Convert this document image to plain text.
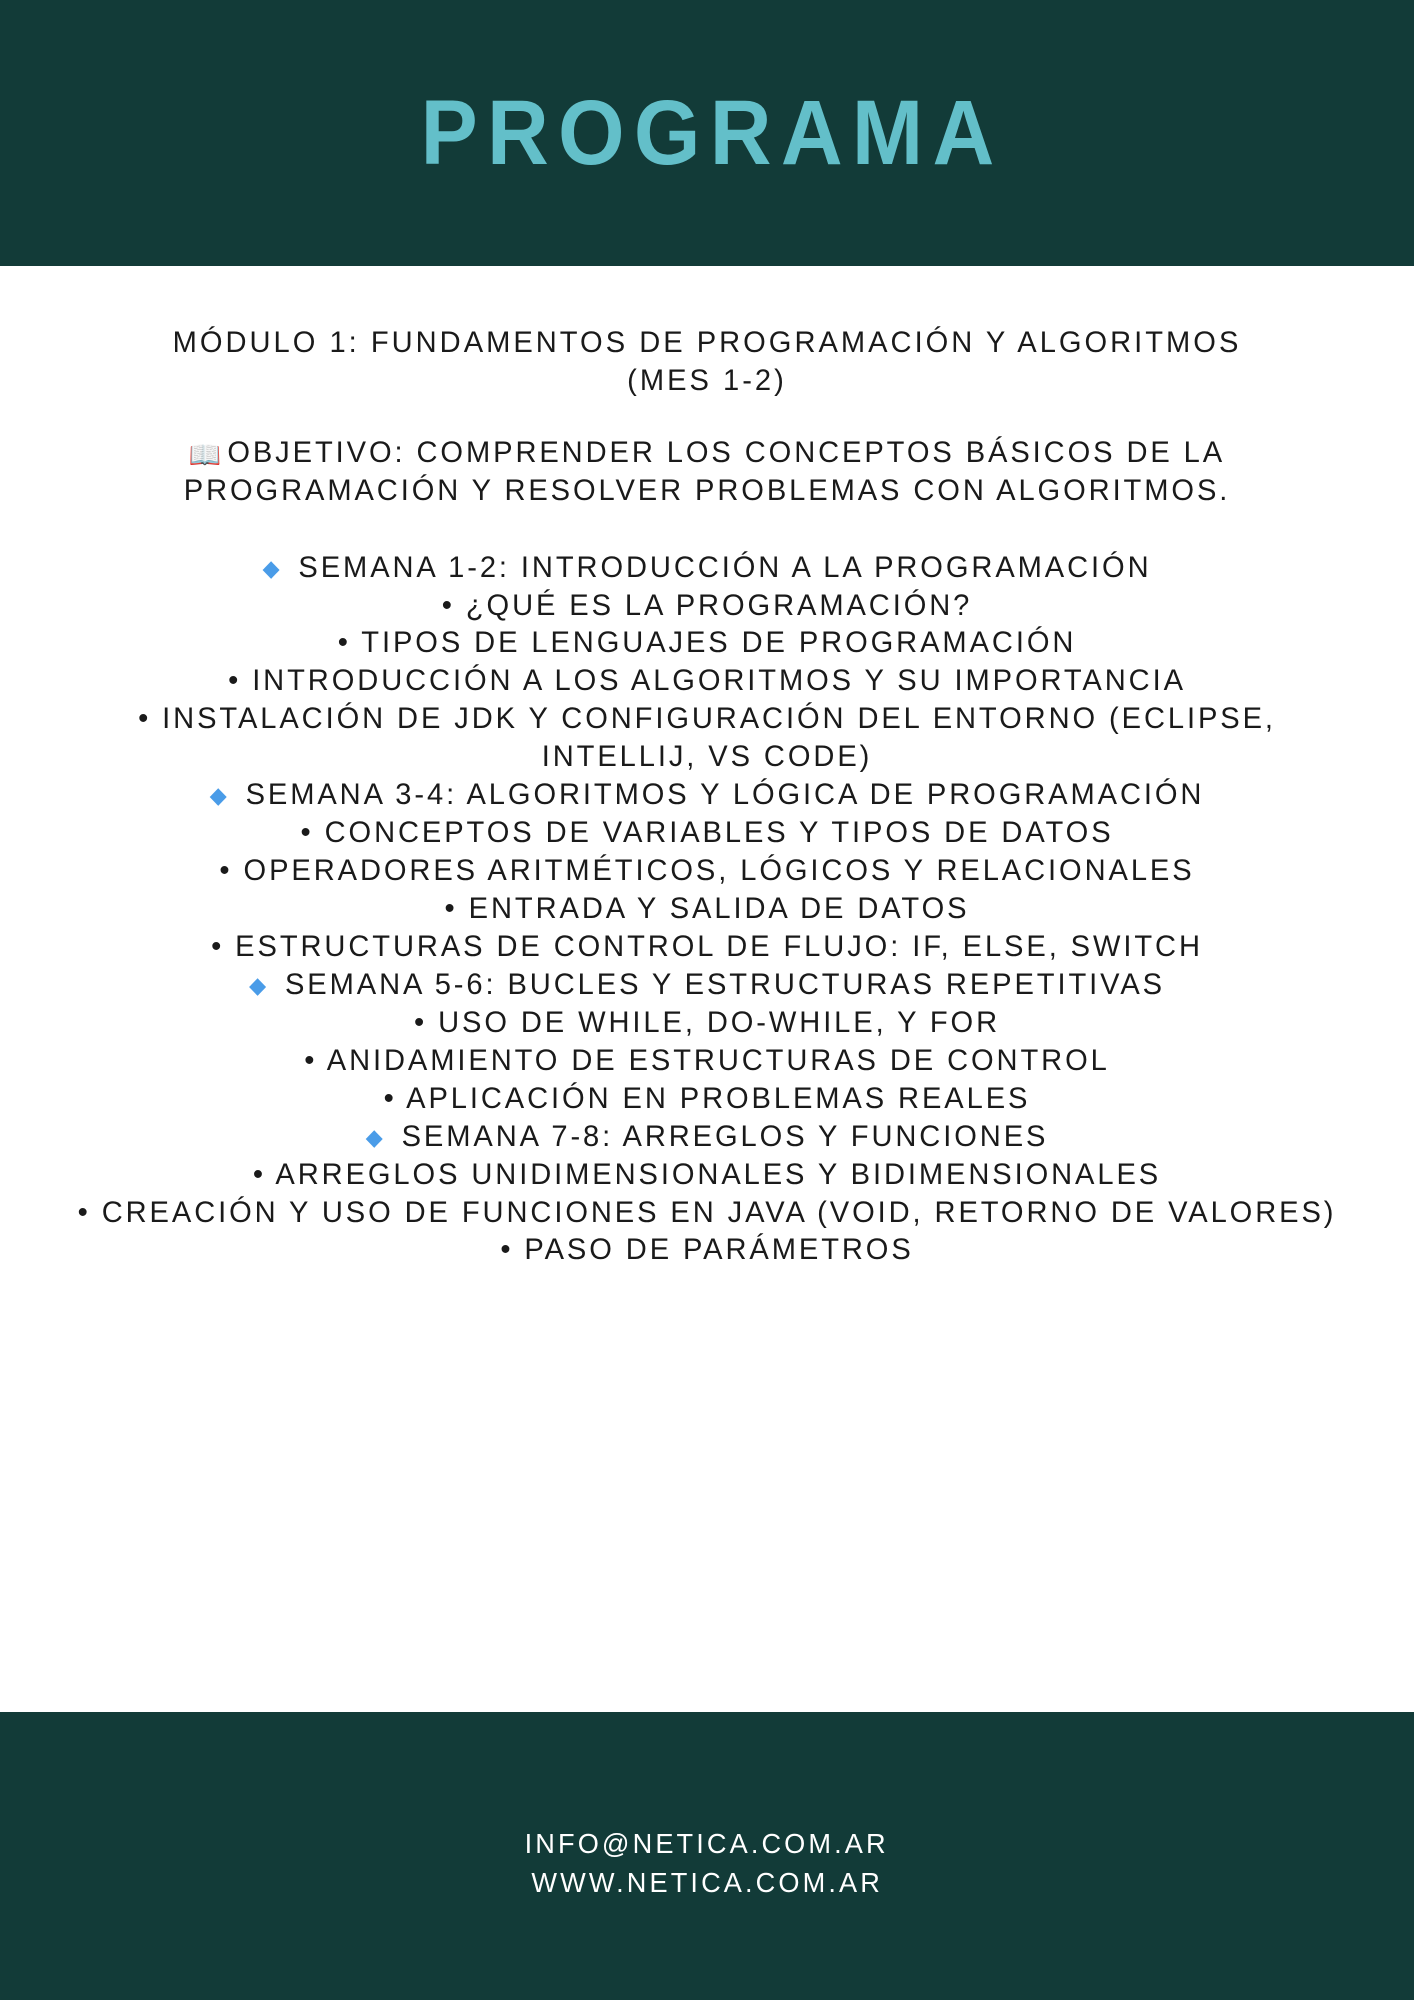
PROGRAMA
MÓDULO 1: FUNDAMENTOS DE PROGRAMACIÓN Y ALGORITMOS
(MES 1-2)
📖 OBJETIVO: COMPRENDER LOS CONCEPTOS BÁSICOS DE LA PROGRAMACIÓN Y RESOLVER PROBLEMAS CON ALGORITMOS.
◆ SEMANA 1-2: INTRODUCCIÓN A LA PROGRAMACIÓN
• ¿QUÉ ES LA PROGRAMACIÓN?
• TIPOS DE LENGUAJES DE PROGRAMACIÓN
• INTRODUCCIÓN A LOS ALGORITMOS Y SU IMPORTANCIA
• INSTALACIÓN DE JDK Y CONFIGURACIÓN DEL ENTORNO (ECLIPSE, INTELLIJ, VS CODE)
◆ SEMANA 3-4: ALGORITMOS Y LÓGICA DE PROGRAMACIÓN
• CONCEPTOS DE VARIABLES Y TIPOS DE DATOS
• OPERADORES ARITMÉTICOS, LÓGICOS Y RELACIONALES
• ENTRADA Y SALIDA DE DATOS
• ESTRUCTURAS DE CONTROL DE FLUJO: IF, ELSE, SWITCH
◆ SEMANA 5-6: BUCLES Y ESTRUCTURAS REPETITIVAS
• USO DE WHILE, DO-WHILE, Y FOR
• ANIDAMIENTO DE ESTRUCTURAS DE CONTROL
• APLICACIÓN EN PROBLEMAS REALES
◆ SEMANA 7-8: ARREGLOS Y FUNCIONES
• ARREGLOS UNIDIMENSIONALES Y BIDIMENSIONALES
• CREACIÓN Y USO DE FUNCIONES EN JAVA (VOID, RETORNO DE VALORES)
• PASO DE PARÁMETROS
INFO@NETICA.COM.AR
WWW.NETICA.COM.AR
